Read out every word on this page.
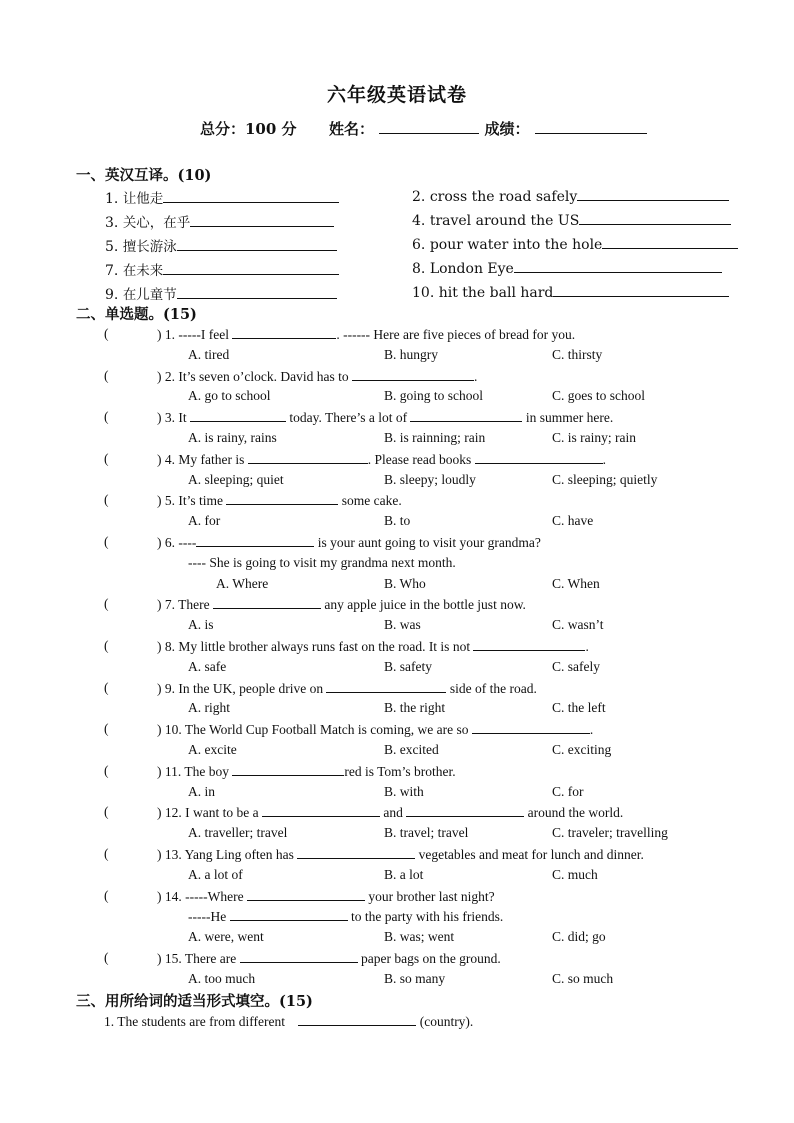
六年级英语试卷
总分：100 分 姓名：	成绩：
一、英汉互译。(10)
1. 让他走	2. cross the road safely
3. 关心，在乎	4. travel around the US
5. 擅长游泳	6. pour water into the hole
7. 在未来	8. London Eye
9. 在儿童节	10. hit the ball hard
二、单选题。(15)
(	) 1. -----I feel	. ------ Here are five pieces of bread for you.
A. tired	B. hungry	C. thirsty
(	) 2. It’s seven o’clock. David has to	.
A. go to school	B. going to school	C. goes to school
(	) 3. It	today. There’s a lot of	in summer here.
A. is rainy, rains	B. is rainning; rain	C. is rainy; rain
(	) 4. My father is	. Please read books	.
A. sleeping; quiet	B. sleepy; loudly	C. sleeping; quietly
(	) 5. It’s time	some cake.
A. for	B. to	C. have
(	) 6. ----	is your aunt going to visit your grandma?
---- She is going to visit my grandma next month.
A. Where	B. Who	C. When
(	) 7. There	any apple juice in the bottle just now.
A. is	B. was	C. wasn’t
(	) 8. My little brother always runs fast on the road. It is not	.
A. safe	B. safety	C. safely
(	) 9. In the UK, people drive on	side of the road.
A. right	B. the right	C. the left
(	) 10. The World Cup Football Match is coming, we are so	.
A. excite	B. excited	C. exciting
(	) 11. The boy	red is Tom’s brother.
A. in	B. with	C. for
(	) 12. I want to be a	and	around the world.
A. traveller; travel	B. travel; travel	C. traveler; travelling
(	) 13. Yang Ling often has	vegetables and meat for lunch and dinner.
A. a lot of	B. a lot	C. much
(	) 14. -----Where	your brother last night?
-----He	to the party with his friends.
A. were, went	B. was; went	C. did; go
(	) 15. There are	paper bags on the ground.
A. too much	B. so many	C. so much
三、用所给词的适当形式填空。(15)
1. The students are from different	(country).
